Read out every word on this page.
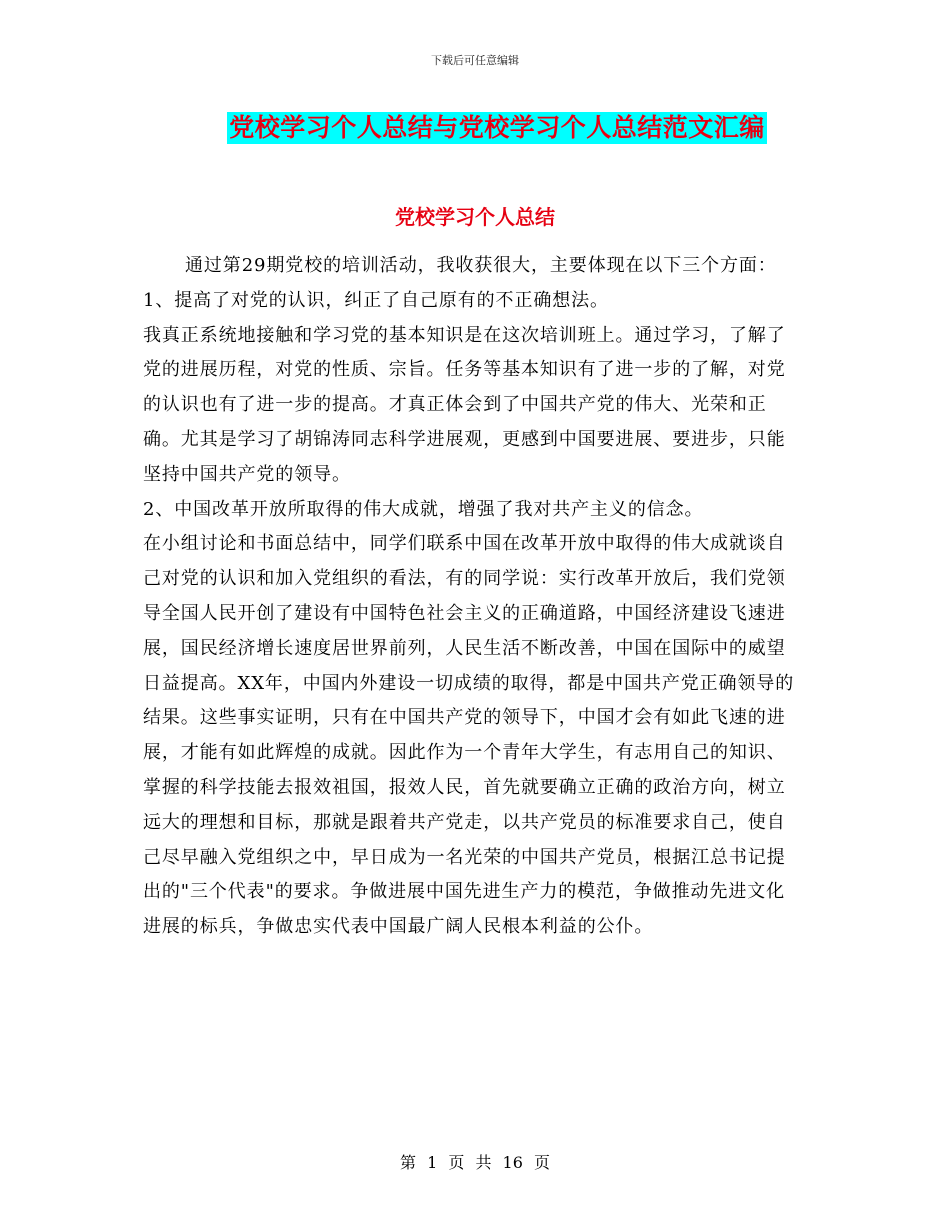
下载后可任意编辑
党校学习个人总结与党校学习个人总结范文汇编
党校学习个人总结

通过第29期党校的培训活动，我收获很大，主要体现在以下三个方面：

1、提高了对党的认识，纠正了自己原有的不正确想法。

我真正系统地接触和学习党的基本知识是在这次培训班上。通过学习，了解了党的进展历程，对党的性质、宗旨。任务等基本知识有了进一步的了解，对党的认识也有了进一步的提高。才真正体会到了中国共产党的伟大、光荣和正确。尤其是学习了胡锦涛同志科学进展观，更感到中国要进展、要进步，只能坚持中国共产党的领导。

2、中国改革开放所取得的伟大成就，增强了我对共产主义的信念。

在小组讨论和书面总结中，同学们联系中国在改革开放中取得的伟大成就谈自己对党的认识和加入党组织的看法，有的同学说：实行改革开放后，我们党领导全国人民开创了建设有中国特色社会主义的正确道路，中国经济建设飞速进展，国民经济增长速度居世界前列，人民生活不断改善，中国在国际中的威望日益提高。XX年，中国内外建设一切成绩的取得，都是中国共产党正确领导的结果。这些事实证明，只有在中国共产党的领导下，中国才会有如此飞速的进展，才能有如此辉煌的成就。因此作为一个青年大学生，有志用自己的知识、掌握的科学技能去报效祖国，报效人民，首先就要确立正确的政治方向，树立远大的理想和目标，那就是跟着共产党走，以共产党员的标准要求自己，使自己尽早融入党组织之中，早日成为一名光荣的中国共产党员，根据江总书记提出的"三个代表"的要求。争做进展中国先进生产力的模范，争做推动先进文化进展的标兵，争做忠实代表中国最广阔人民根本利益的公仆。

第 1 页 共 16 页
